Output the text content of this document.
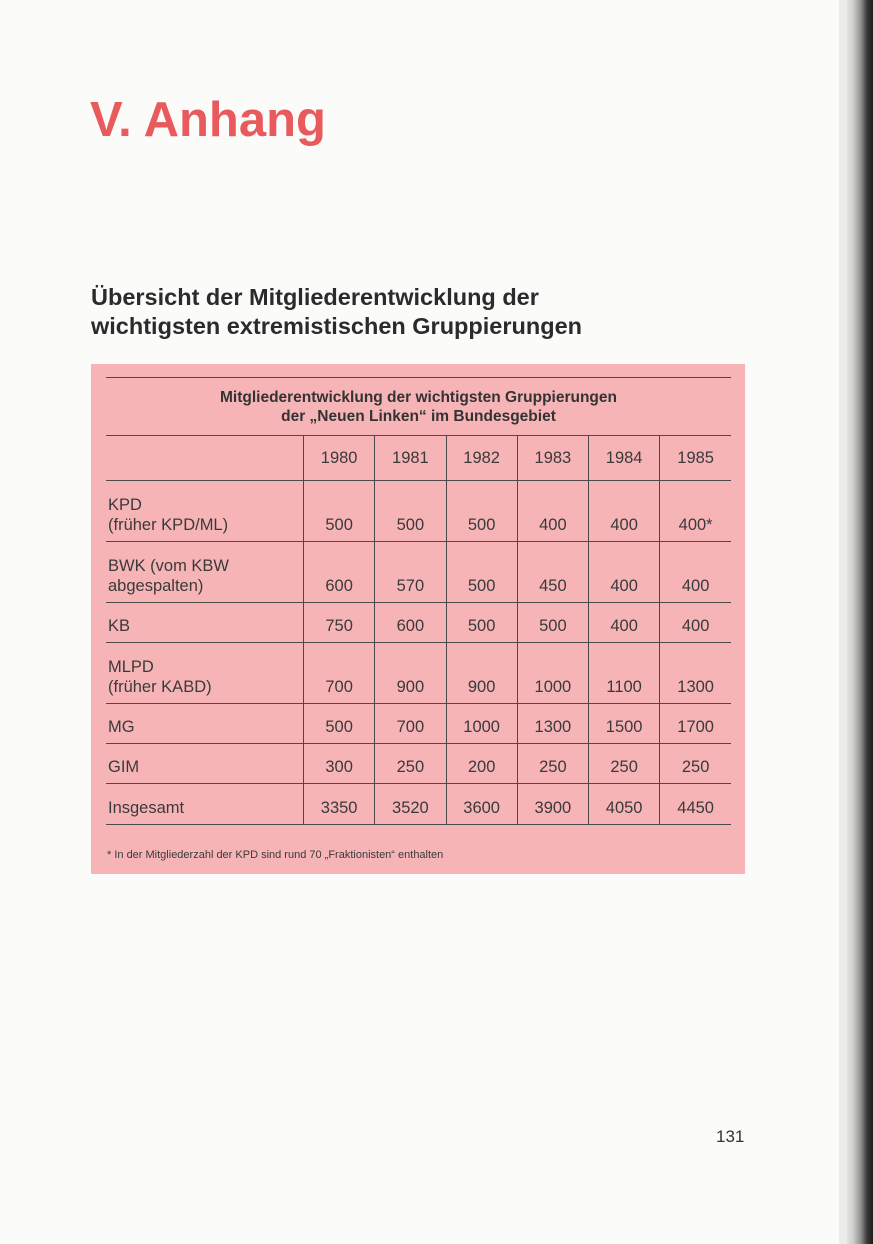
V. Anhang
Übersicht der Mitgliederentwicklung der
wichtigsten extremistischen Gruppierungen
Mitgliederentwicklung der wichtigsten Gruppierungen
der „Neuen Linken“ im Bundesgebiet
	1980	1981	1982	1983	1984	1985

KPD
(früher KPD/ML)	500	500	500	400	400	400*

BWK (vom KBW
abgespalten)	600	570	500	450	400	400

KB	750	600	500	500	400	400

MLPD
(früher KABD)	700	900	900	1000	1100	1300

MG	500	700	1000	1300	1500	1700

GIM	300	250	200	250	250	250

Insgesamt	3350	3520	3600	3900	4050	4450
* In der Mitgliederzahl der KPD sind rund 70 „Fraktionisten“ enthalten
131
